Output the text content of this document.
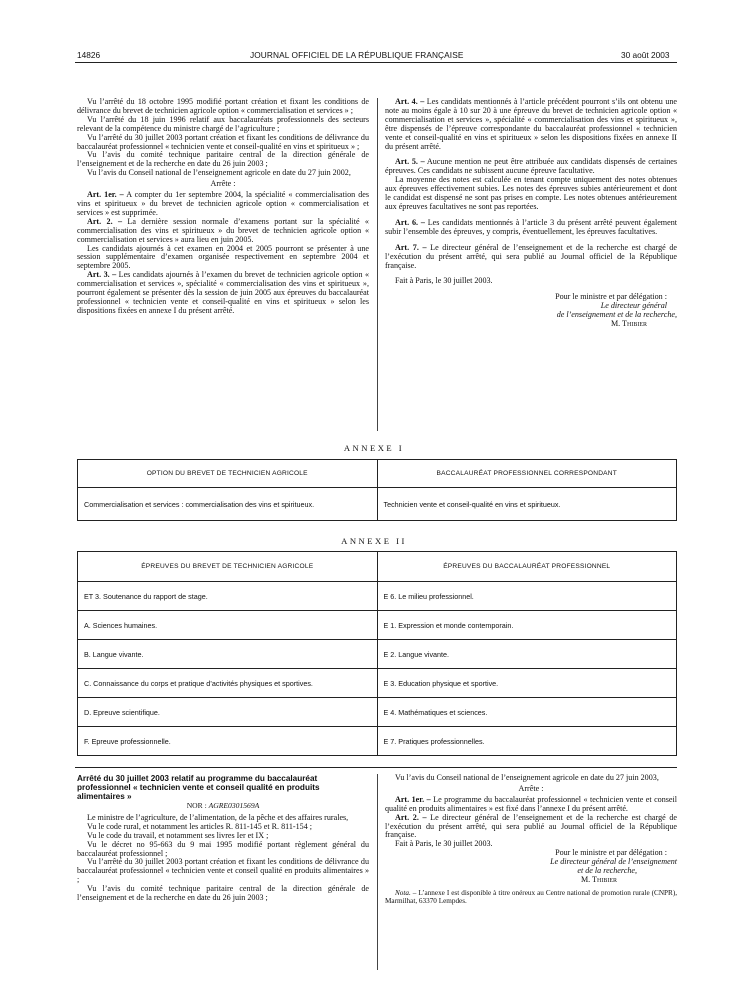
14826	JOURNAL OFFICIEL DE LA RÉPUBLIQUE FRANÇAISE	30 août 2003

Vu l’arrêté du 18 octobre 1995 modifié portant création et fixant les conditions de délivrance du brevet de technicien agricole option « commercialisation et services » ;

Vu l’arrêté du 18 juin 1996 relatif aux baccalauréats professionnels des secteurs relevant de la compétence du ministre chargé de l’agriculture ;

Vu l’arrêté du 30 juillet 2003 portant création et fixant les conditions de délivrance du baccalauréat professionnel « technicien vente et conseil-qualité en vins et spiritueux » ;

Vu l’avis du comité technique paritaire central de la direction générale de l’enseignement et de la recherche en date du 26 juin 2003 ;

Vu l’avis du Conseil national de l’enseignement agricole en date du 27 juin 2002,

Arrête :

Art. 1er. – A compter du 1er septembre 2004, la spécialité « commercialisation des vins et spiritueux » du brevet de technicien agricole option « commercialisation et services » est supprimée.

Art. 2. – La dernière session normale d’examens portant sur la spécialité « commercialisation des vins et spiritueux » du brevet de technicien agricole option « commercialisation et services » aura lieu en juin 2005.

Les candidats ajournés à cet examen en 2004 et 2005 pourront se présenter à une session supplémentaire d’examen organisée respectivement en septembre 2004 et septembre 2005.

Art. 3. – Les candidats ajournés à l’examen du brevet de technicien agricole option « commercialisation et services », spécialité « commercialisation des vins et spiritueux », pourront également se présenter dès la session de juin 2005 aux épreuves du baccalauréat professionnel « technicien vente et conseil-qualité en vins et spiritueux » selon les dispositions fixées en annexe I du présent arrêté.

Art. 4. – Les candidats mentionnés à l’article précédent pourront s’ils ont obtenu une note au moins égale à 10 sur 20 à une épreuve du brevet de technicien agricole option « commercialisation et services », spécialité « commercialisation des vins et spiritueux », être dispensés de l’épreuve correspondante du baccalauréat professionnel « technicien vente et conseil-qualité en vins et spiritueux » selon les dispositions fixées en annexe II du présent arrêté.

Art. 5. – Aucune mention ne peut être attribuée aux candidats dispensés de certaines épreuves. Ces candidats ne subissent aucune épreuve facultative.

La moyenne des notes est calculée en tenant compte uniquement des notes obtenues aux épreuves effectivement subies. Les notes des épreuves subies antérieurement et dont le candidat est dispensé ne sont pas prises en compte. Les notes obtenues antérieurement aux épreuves facultatives ne sont pas reportées.

Art. 6. – Les candidats mentionnés à l’article 3 du présent arrêté peuvent également subir l’ensemble des épreuves, y compris, éventuellement, les épreuves facultatives.

Art. 7. – Le directeur général de l’enseignement et de la recherche est chargé de l’exécution du présent arrêté, qui sera publié au Journal officiel de la République française.

Fait à Paris, le 30 juillet 2003.

Pour le ministre et par délégation :

Le directeur général

de l’enseignement et de la recherche,

M. Thibier

ANNEXE I
OPTION DU BREVET DE TECHNICIEN AGRICOLE	BACCALAURÉAT PROFESSIONNEL CORRESPONDANT
Commercialisation et services : commercialisation des vins et spiritueux.	Technicien vente et conseil-qualité en vins et spiritueux.
ANNEXE II
ÉPREUVES DU BREVET DE TECHNICIEN AGRICOLE	ÉPREUVES DU BACCALAURÉAT PROFESSIONNEL
ET 3. Soutenance du rapport de stage.	E 6. Le milieu professionnel.
A. Sciences humaines.	E 1. Expression et monde contemporain.
B. Langue vivante.	E 2. Langue vivante.
C. Connaissance du corps et pratique d’activités physiques et sportives.	E 3. Education physique et sportive.
D. Epreuve scientifique.	E 4. Mathématiques et sciences.
F. Epreuve professionnelle.	E 7. Pratiques professionnelles.
Arrêté du 30 juillet 2003 relatif au programme du baccalauréat professionnel « technicien vente et conseil qualité en produits alimentaires »
NOR : AGRE0301569A

Le ministre de l’agriculture, de l’alimentation, de la pêche et des affaires rurales,

Vu le code rural, et notamment les articles R. 811-145 et R. 811-154 ;

Vu le code du travail, et notamment ses livres Ier et IX ;

Vu le décret no 95-663 du 9 mai 1995 modifié portant règlement général du baccalauréat professionnel ;

Vu l’arrêté du 30 juillet 2003 portant création et fixant les conditions de délivrance du baccalauréat professionnel « technicien vente et conseil qualité en produits alimentaires » ;

Vu l’avis du comité technique paritaire central de la direction générale de l’enseignement et de la recherche en date du 26 juin 2003 ;

Vu l’avis du Conseil national de l’enseignement agricole en date du 27 juin 2003,

Arrête :

Art. 1er. – Le programme du baccalauréat professionnel « technicien vente et conseil qualité en produits alimentaires » est fixé dans l’annexe I du présent arrêté.

Art. 2. – Le directeur général de l’enseignement et de la recherche est chargé de l’exécution du présent arrêté, qui sera publié au Journal officiel de la République française.

Fait à Paris, le 30 juillet 2003.

Pour le ministre et par délégation :

Le directeur général de l’enseignement

et de la recherche,

M. Thibier

Nota. – L’annexe I est disponible à titre onéreux au Centre national de promotion rurale (CNPR), Marmilhat, 63370 Lempdes.
